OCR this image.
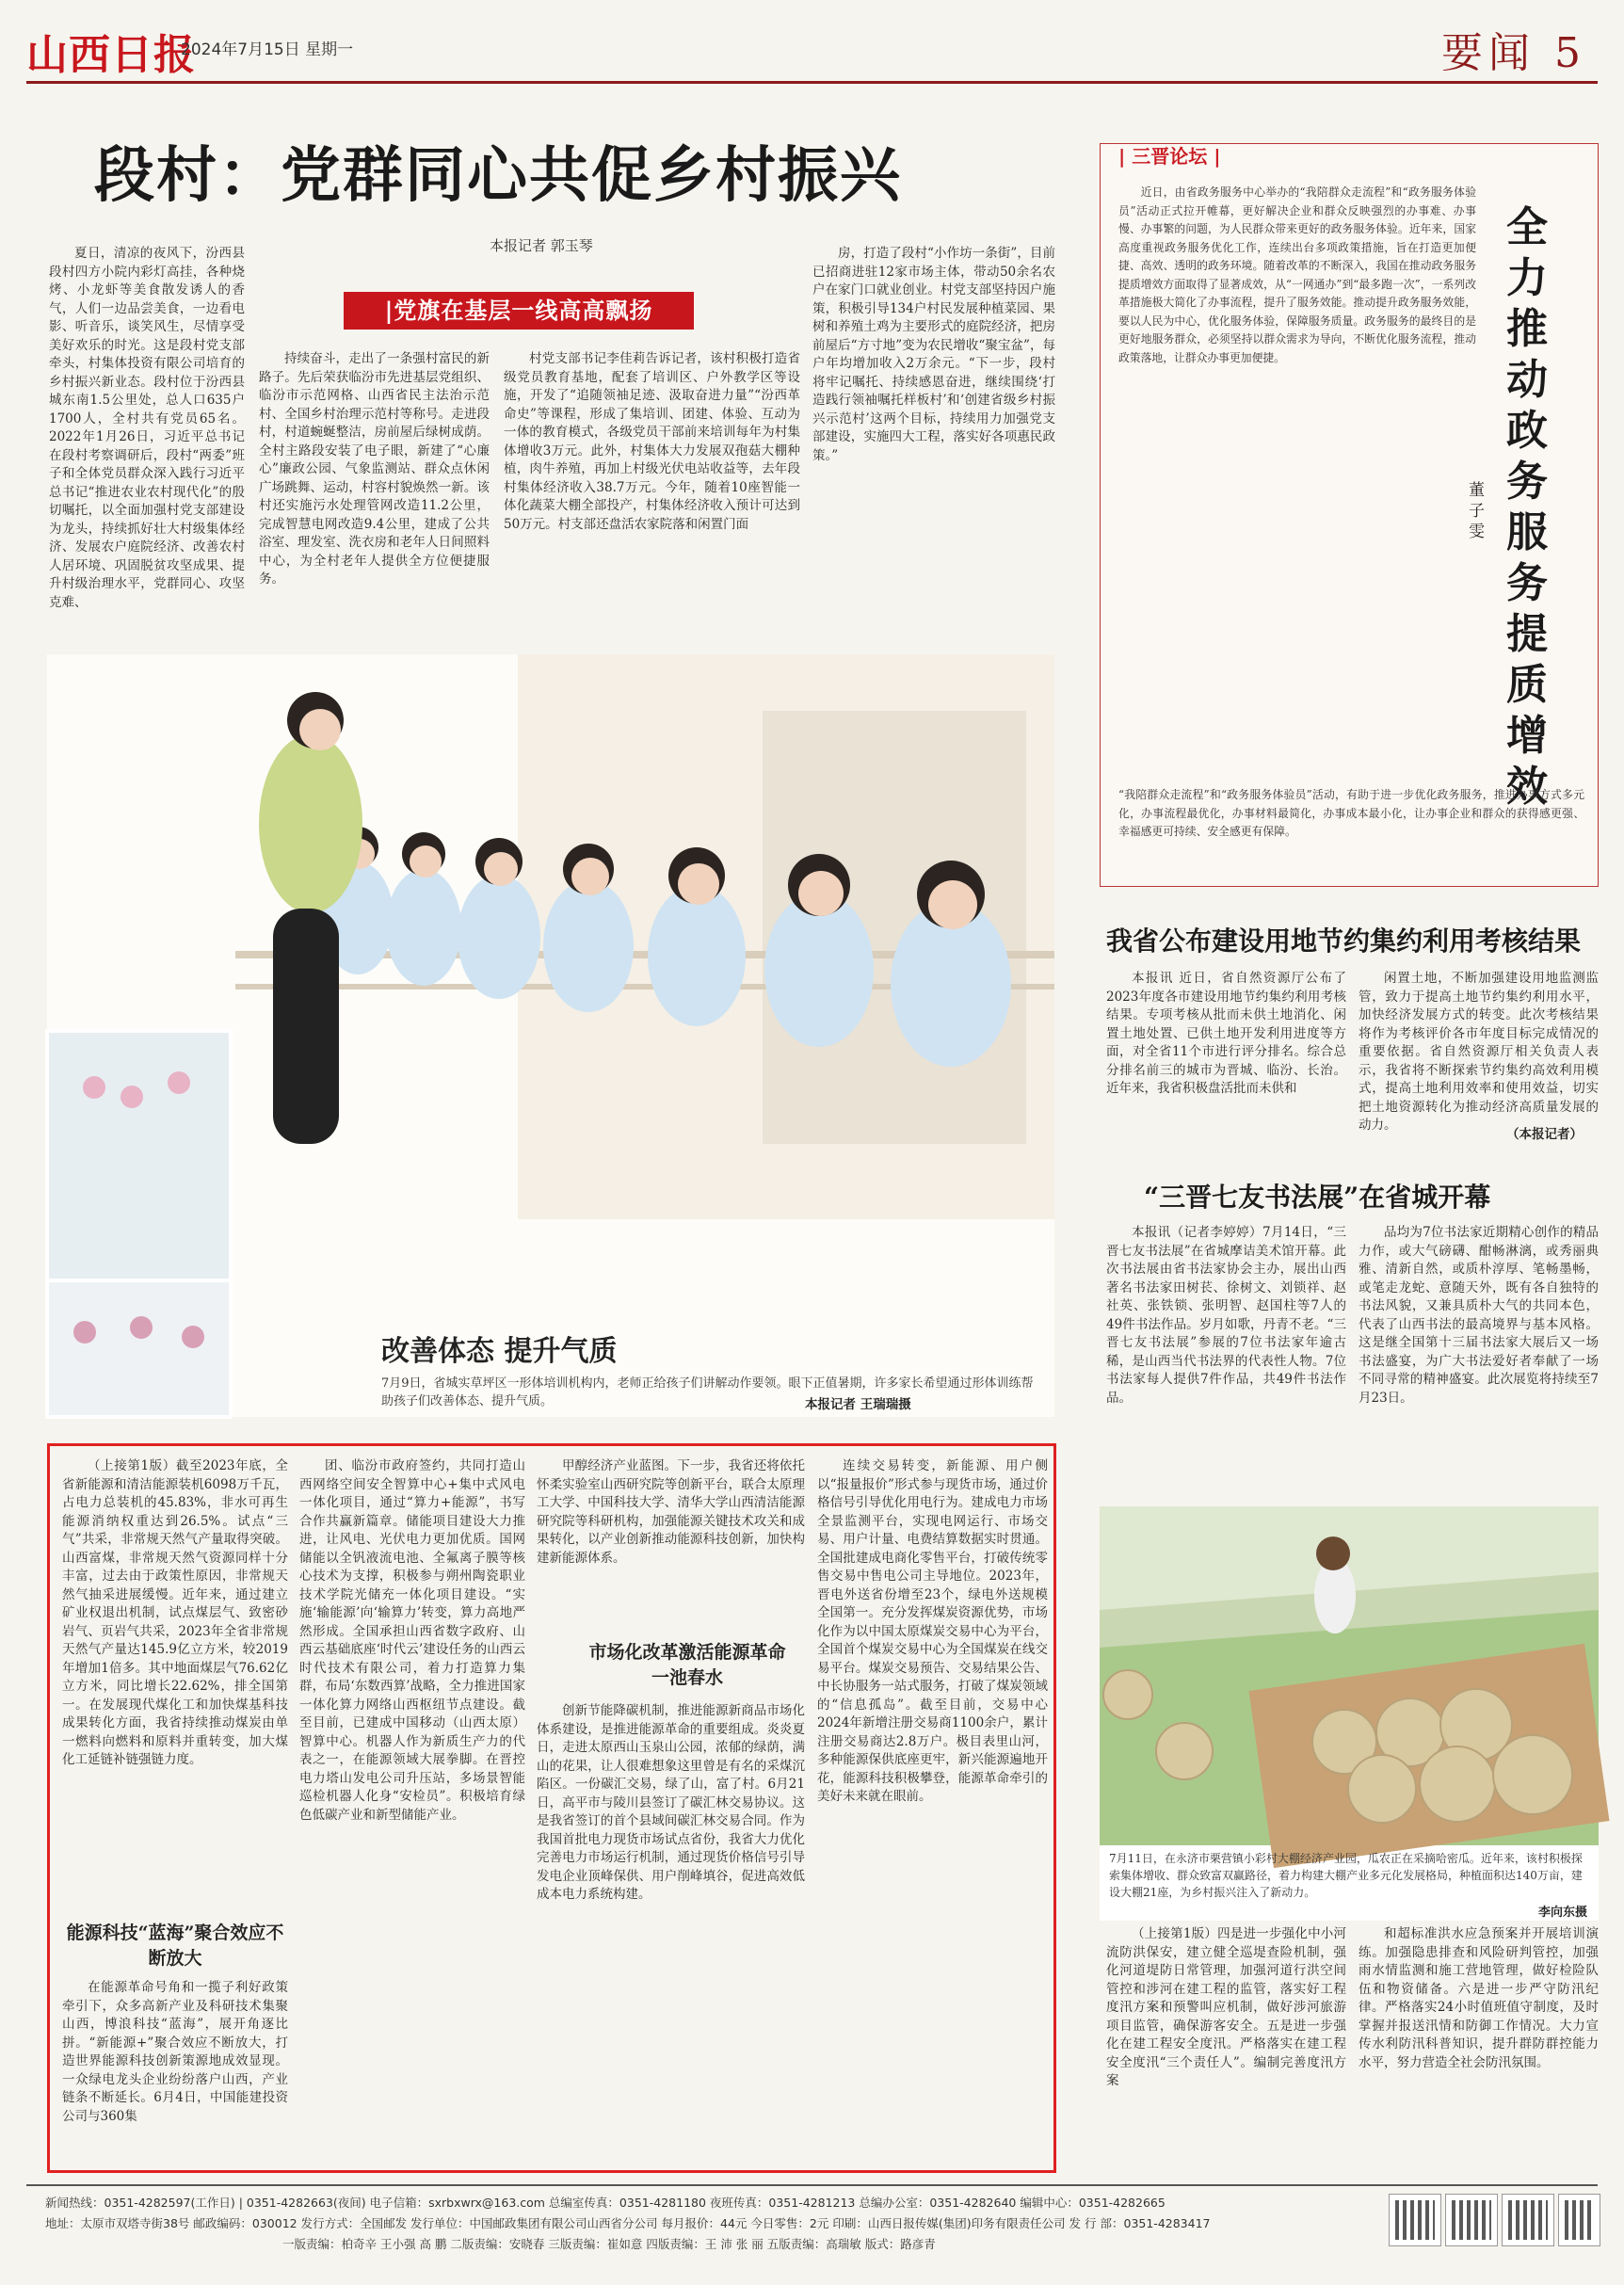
山西日报
2024年7月15日 星期一	要闻 5
段村：党群同心共促乡村振兴
本报记者 郭玉琴
|党旗在基层一线高高飘扬

夏日，清凉的夜风下，汾西县段村四方小院内彩灯高挂，各种烧烤、小龙虾等美食散发诱人的香气，人们一边品尝美食，一边看电影、听音乐，谈笑风生，尽情享受美好欢乐的时光。这是段村党支部牵头，村集体投资有限公司培育的乡村振兴新业态。段村位于汾西县城东南1.5公里处，总人口635户1700人，全村共有党员65名。2022年1月26日，习近平总书记在段村考察调研后，段村“两委”班子和全体党员群众深入践行习近平总书记“推进农业农村现代化”的殷切嘱托，以全面加强村党支部建设为龙头，持续抓好壮大村级集体经济、发展农户庭院经济、改善农村人居环境、巩固脱贫攻坚成果、提升村级治理水平，党群同心、攻坚克难、

持续奋斗，走出了一条强村富民的新路子。先后荣获临汾市先进基层党组织、临汾市示范网格、山西省民主法治示范村、全国乡村治理示范村等称号。走进段村，村道蜿蜒整洁，房前屋后绿树成荫。全村主路段安装了电子眼，新建了“心廉心”廉政公园、气象监测站、群众点休闲广场跳舞、运动，村容村貌焕然一新。该村还实施污水处理管网改造11.2公里，完成智慧电网改造9.4公里，建成了公共浴室、理发室、洗衣房和老年人日间照料中心，为全村老年人提供全方位便捷服务。

村党支部书记李佳莉告诉记者，该村积极打造省级党员教育基地，配套了培训区、户外教学区等设施，开发了“追随领袖足迹、汲取奋进力量”“汾西革命史”等课程，形成了集培训、团建、体验、互动为一体的教育模式，各级党员干部前来培训每年为村集体增收3万元。此外，村集体大力发展双孢菇大棚种植，肉牛养殖，再加上村级光伏电站收益等，去年段村集体经济收入38.7万元。今年，随着10座智能一体化蔬菜大棚全部投产，村集体经济收入预计可达到50万元。村支部还盘活农家院落和闲置门面

房，打造了段村“小作坊一条街”，目前已招商进驻12家市场主体，带动50余名农户在家门口就业创业。村党支部坚持因户施策，积极引导134户村民发展种植菜园、果树和养殖土鸡为主要形式的庭院经济，把房前屋后“方寸地”变为农民增收“聚宝盆”，每户年均增加收入2万余元。“下一步，段村将牢记嘱托、持续感恩奋进，继续围绕‘打造践行领袖嘱托样板村’和‘创建省级乡村振兴示范村’这两个目标，持续用力加强党支部建设，实施四大工程，落实好各项惠民政策。”

改善体态 提升气质
7月9日，省城实草坪区一形体培训机构内，老师正给孩子们讲解动作要领。眼下正值暑期，许多家长希望通过形体训练帮助孩子们改善体态、提升气质。	本报记者 王瑞瑞摄
| 三晋论坛 |
全力推动政务服务提质增效
董子雯

近日，由省政务服务中心举办的“我陪群众走流程”和“政务服务体验员”活动正式拉开帷幕，更好解决企业和群众反映强烈的办事难、办事慢、办事繁的问题，为人民群众带来更好的政务服务体验。近年来，国家高度重视政务服务优化工作，连续出台多项政策措施，旨在打造更加便捷、高效、透明的政务环境。随着改革的不断深入，我国在推动政务服务提质增效方面取得了显著成效，从“一网通办”到“最多跑一次”，一系列改革措施极大简化了办事流程，提升了服务效能。推动提升政务服务效能，要以人民为中心，优化服务体验，保障服务质量。政务服务的最终目的是更好地服务群众，必须坚持以群众需求为导向，不断优化服务流程，推动政策落地，让群众办事更加便捷。

“我陪群众走流程”和“政务服务体验员”活动，有助于进一步优化政务服务，推进办事方式多元化，办事流程最优化，办事材料最简化，办事成本最小化，让办事企业和群众的获得感更强、幸福感更可持续、安全感更有保障。

我省公布建设用地节约集约利用考核结果

本报讯 近日，省自然资源厅公布了2023年度各市建设用地节约集约利用考核结果。专项考核从批而未供土地消化、闲置土地处置、已供土地开发利用进度等方面，对全省11个市进行评分排名。综合总分排名前三的城市为晋城、临汾、长治。近年来，我省积极盘活批而未供和

闲置土地，不断加强建设用地监测监管，致力于提高土地节约集约利用水平，加快经济发展方式的转变。此次考核结果将作为考核评价各市年度目标完成情况的重要依据。省自然资源厅相关负责人表示，我省将不断探索节约集约高效利用模式，提高土地利用效率和使用效益，切实把土地资源转化为推动经济高质量发展的动力。

（本报记者）
“三晋七友书法展”在省城开幕

本报讯（记者李婷婷）7月14日，“三晋七友书法展”在省城摩诘美术馆开幕。此次书法展由省书法家协会主办，展出山西著名书法家田树苌、徐树文、刘锁祥、赵社英、张铁锁、张明智、赵国柱等7人的49件书法作品。岁月如歌，丹青不老。“三晋七友书法展”参展的7位书法家年逾古稀，是山西当代书法界的代表性人物。7位书法家每人提供7件作品，共49件书法作品。

品均为7位书法家近期精心创作的精品力作，或大气磅礴、酣畅淋漓，或秀丽典雅、清新自然，或质朴淳厚、笔畅墨畅，或笔走龙蛇、意随天外，既有各自独特的书法风貌，又兼具质朴大气的共同本色，代表了山西书法的最高境界与基本风格。这是继全国第十三届书法家大展后又一场书法盛宴，为广大书法爱好者奉献了一场不同寻常的精神盛宴。此次展览将持续至7月23日。

7月11日，在永济市栗营镇小彩村大棚经济产业园，瓜农正在采摘哈密瓜。近年来，该村积极探索集体增收、群众致富双赢路径，着力构建大棚产业多元化发展格局，种植面积达140万亩，建设大棚21座，为乡村振兴注入了新动力。
李向东摄

（上接第1版）截至2023年底，全省新能源和清洁能源装机6098万千瓦，占电力总装机的45.83%，非水可再生能源消纳权重达到26.5%。试点“三气”共采，非常规天然气产量取得突破。山西富煤，非常规天然气资源同样十分丰富，过去由于政策性原因，非常规天然气抽采进展缓慢。近年来，通过建立矿业权退出机制，试点煤层气、致密砂岩气、页岩气共采，2023年全省非常规天然气产量达145.9亿立方米，较2019年增加1倍多。其中地面煤层气76.62亿立方米，同比增长22.62%，排全国第一。在发展现代煤化工和加快煤基科技成果转化方面，我省持续推动煤炭由单一燃料向燃料和原料并重转变，加大煤化工延链补链强链力度。

能源科技“蓝海”聚合效应不断放大

在能源革命号角和一揽子利好政策牵引下，众多高新产业及科研技术集聚山西，博浪科技“蓝海”，展开角逐比拼。“新能源+”聚合效应不断放大，打造世界能源科技创新策源地成效显现。一众绿电龙头企业纷纷落户山西，产业链条不断延长。6月4日，中国能建投资公司与360集

团、临汾市政府签约，共同打造山西网络空间安全智算中心+集中式风电一体化项目，通过“算力+能源”，书写合作共赢新篇章。储能项目建设大力推进，让风电、光伏电力更加优质。国网储能以全钒液流电池、全氟离子膜等核心技术为支撑，积极参与朔州陶瓷职业技术学院光储充一体化项目建设。“实施‘输能源’向‘输算力’转变，算力高地严然形成。全国承担山西省数字政府、山西云基础底座‘时代云’建设任务的山西云时代技术有限公司，着力打造算力集群，布局‘东数西算’战略，全力推进国家一体化算力网络山西枢纽节点建设。截至目前，已建成中国移动（山西太原）智算中心。机器人作为新质生产力的代表之一，在能源领域大展拳脚。在晋控电力塔山发电公司升压站，多场景智能巡检机器人化身“安检员”。积极培育绿色低碳产业和新型储能产业。

甲醇经济产业蓝图。下一步，我省还将依托怀柔实验室山西研究院等创新平台，联合太原理工大学、中国科技大学、清华大学山西清洁能源研究院等科研机构，加强能源关键技术攻关和成果转化，以产业创新推动能源科技创新，加快构建新能源体系。

市场化改革激活能源革命一池春水

创新节能降碳机制，推进能源新商品市场化体系建设，是推进能源革命的重要组成。炎炎夏日，走进太原西山玉泉山公园，浓郁的绿荫，满山的花果，让人很难想象这里曾是有名的采煤沉陷区。一份碳汇交易，绿了山，富了村。6月21日，高平市与陵川县签订了碳汇林交易协议。这是我省签订的首个县域间碳汇林交易合同。作为我国首批电力现货市场试点省份，我省大力优化完善电力市场运行机制，通过现货价格信号引导发电企业顶峰保供、用户削峰填谷，促进高效低成本电力系统构建。

连续交易转变，新能源、用户侧以“报量报价”形式参与现货市场，通过价格信号引导优化用电行为。建成电力市场全景监测平台，实现电网运行、市场交易、用户计量、电费结算数据实时贯通。全国批建成电商化零售平台，打破传统零售交易中售电公司主导地位。2023年，晋电外送省份增至23个，绿电外送规模全国第一。充分发挥煤炭资源优势，市场化作为以中国太原煤炭交易中心为平台，全国首个煤炭交易中心为全国煤炭在线交易平台。煤炭交易预告、交易结果公告、中长协服务一站式服务，打破了煤炭领域的“信息孤岛”。截至目前，交易中心2024年新增注册交易商1100余户，累计注册交易商达2.8万户。极目表里山河，多种能源保供底座更牢，新兴能源遍地开花，能源科技积极攀登，能源革命牵引的美好未来就在眼前。

（上接第1版）四是进一步强化中小河流防洪保安，建立健全巡堤查险机制，强化河道堤防日常管理，加强河道行洪空间管控和涉河在建工程的监管，落实好工程度汛方案和预警叫应机制，做好涉河旅游项目监管，确保游客安全。五是进一步强化在建工程安全度汛。严格落实在建工程安全度汛“三个责任人”。编制完善度汛方案

和超标准洪水应急预案并开展培训演练。加强隐患排查和风险研判管控，加强雨水情监测和施工营地管理，做好检险队伍和物资储备。六是进一步严守防汛纪律。严格落实24小时值班值守制度，及时掌握并报送汛情和防御工作情况。大力宣传水利防汛科普知识，提升群防群控能力水平，努力营造全社会防汛氛围。

新闻热线：0351-4282597(工作日) | 0351-4282663(夜间) 电子信箱：sxrbxwrx@163.com 总编室传真：0351-4281180 夜班传真：0351-4281213 总编办公室：0351-4282640 编辑中心：0351-4282665
地址：太原市双塔寺街38号 邮政编码：030012 发行方式：全国邮发 发行单位：中国邮政集团有限公司山西省分公司 每月报价：44元 今日零售：2元 印刷：山西日报传媒(集团)印务有限责任公司 发 行 部：0351-4283417
一版责编：柏奇辛 王小强 高 鹏 二版责编：安晓春 三版责编：崔如意 四版责编：王 沛 张 丽 五版责编：高瑞敏 版式：路彦青
